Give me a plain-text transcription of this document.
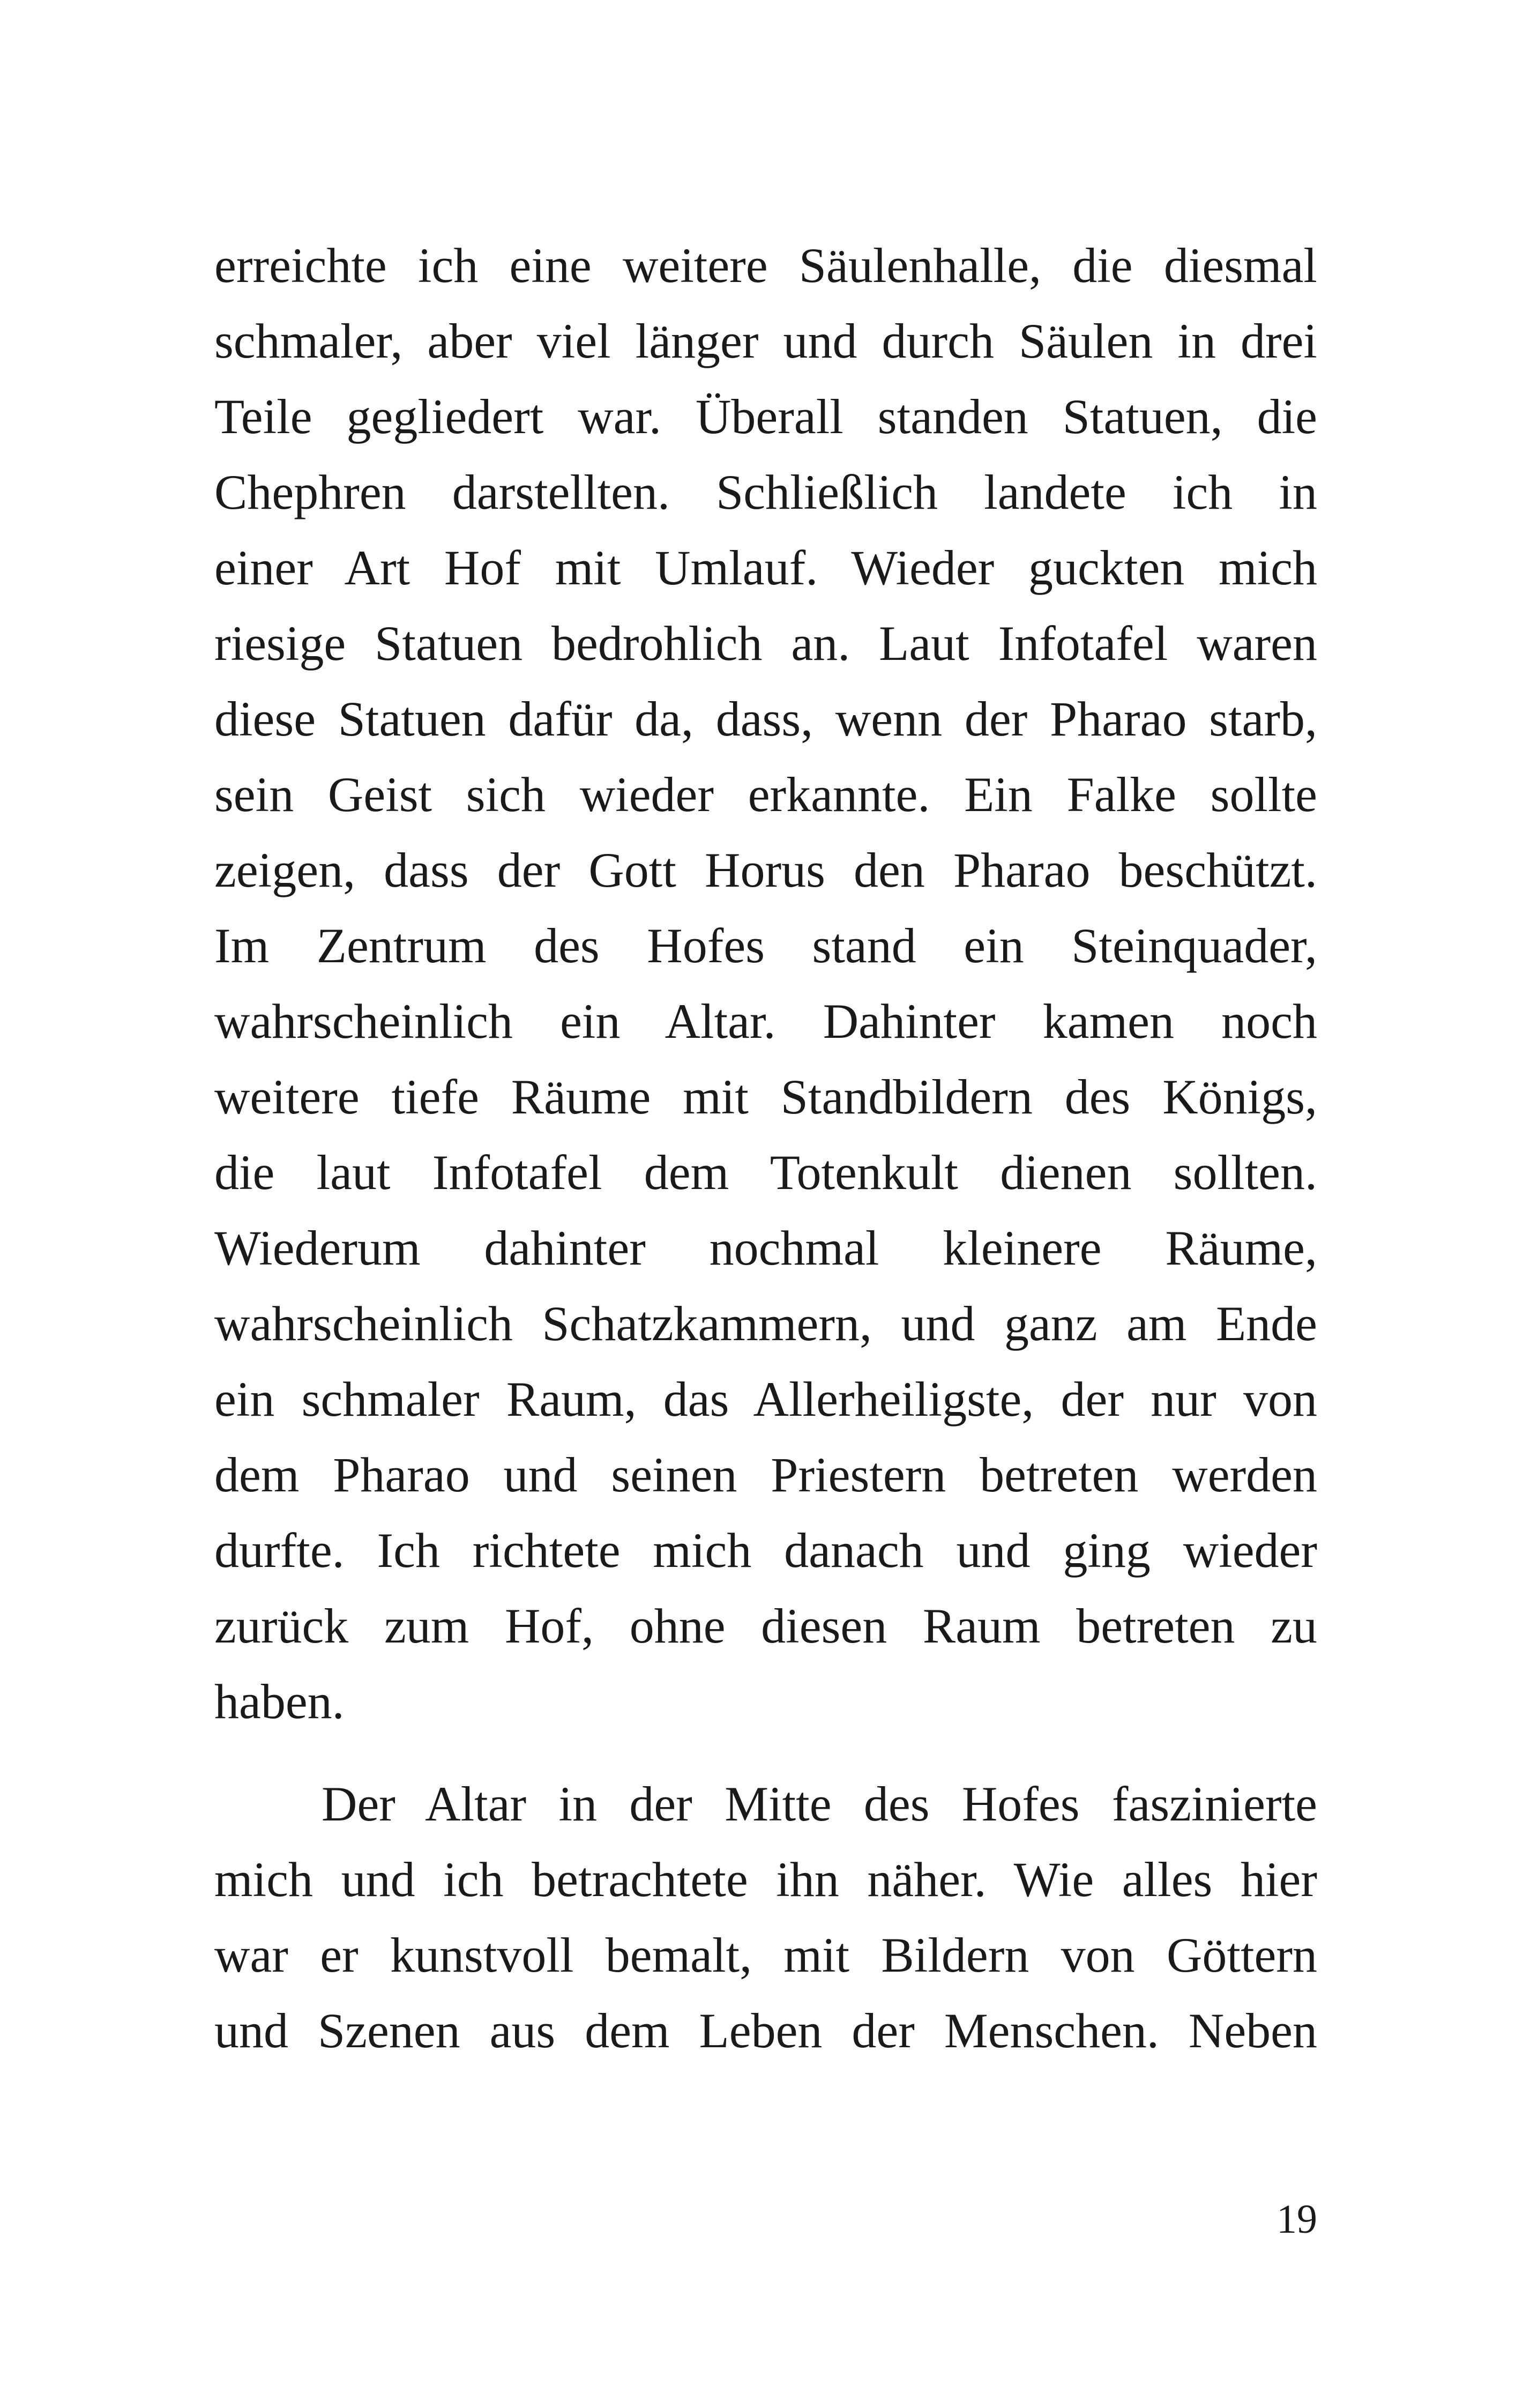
erreichte ich eine weitere Säulenhalle, die diesmal
schmaler, aber viel länger und durch Säulen in drei
Teile gegliedert war. Überall standen Statuen, die
Chephren darstellten. Schließlich landete ich in
einer Art Hof mit Umlauf. Wieder guckten mich
riesige Statuen bedrohlich an. Laut Infotafel waren
diese Statuen dafür da, dass, wenn der Pharao starb,
sein Geist sich wieder erkannte. Ein Falke sollte
zeigen, dass der Gott Horus den Pharao beschützt.
Im Zentrum des Hofes stand ein Steinquader,
wahrscheinlich ein Altar. Dahinter kamen noch
weitere tiefe Räume mit Standbildern des Königs,
die laut Infotafel dem Totenkult dienen sollten.
Wiederum dahinter nochmal kleinere Räume,
wahrscheinlich Schatzkammern, und ganz am Ende
ein schmaler Raum, das Allerheiligste, der nur von
dem Pharao und seinen Priestern betreten werden
durfte. Ich richtete mich danach und ging wieder
zurück zum Hof, ohne diesen Raum betreten zu
haben.
Der Altar in der Mitte des Hofes faszinierte
mich und ich betrachtete ihn näher. Wie alles hier
war er kunstvoll bemalt, mit Bildern von Göttern
und Szenen aus dem Leben der Menschen. Neben
19
